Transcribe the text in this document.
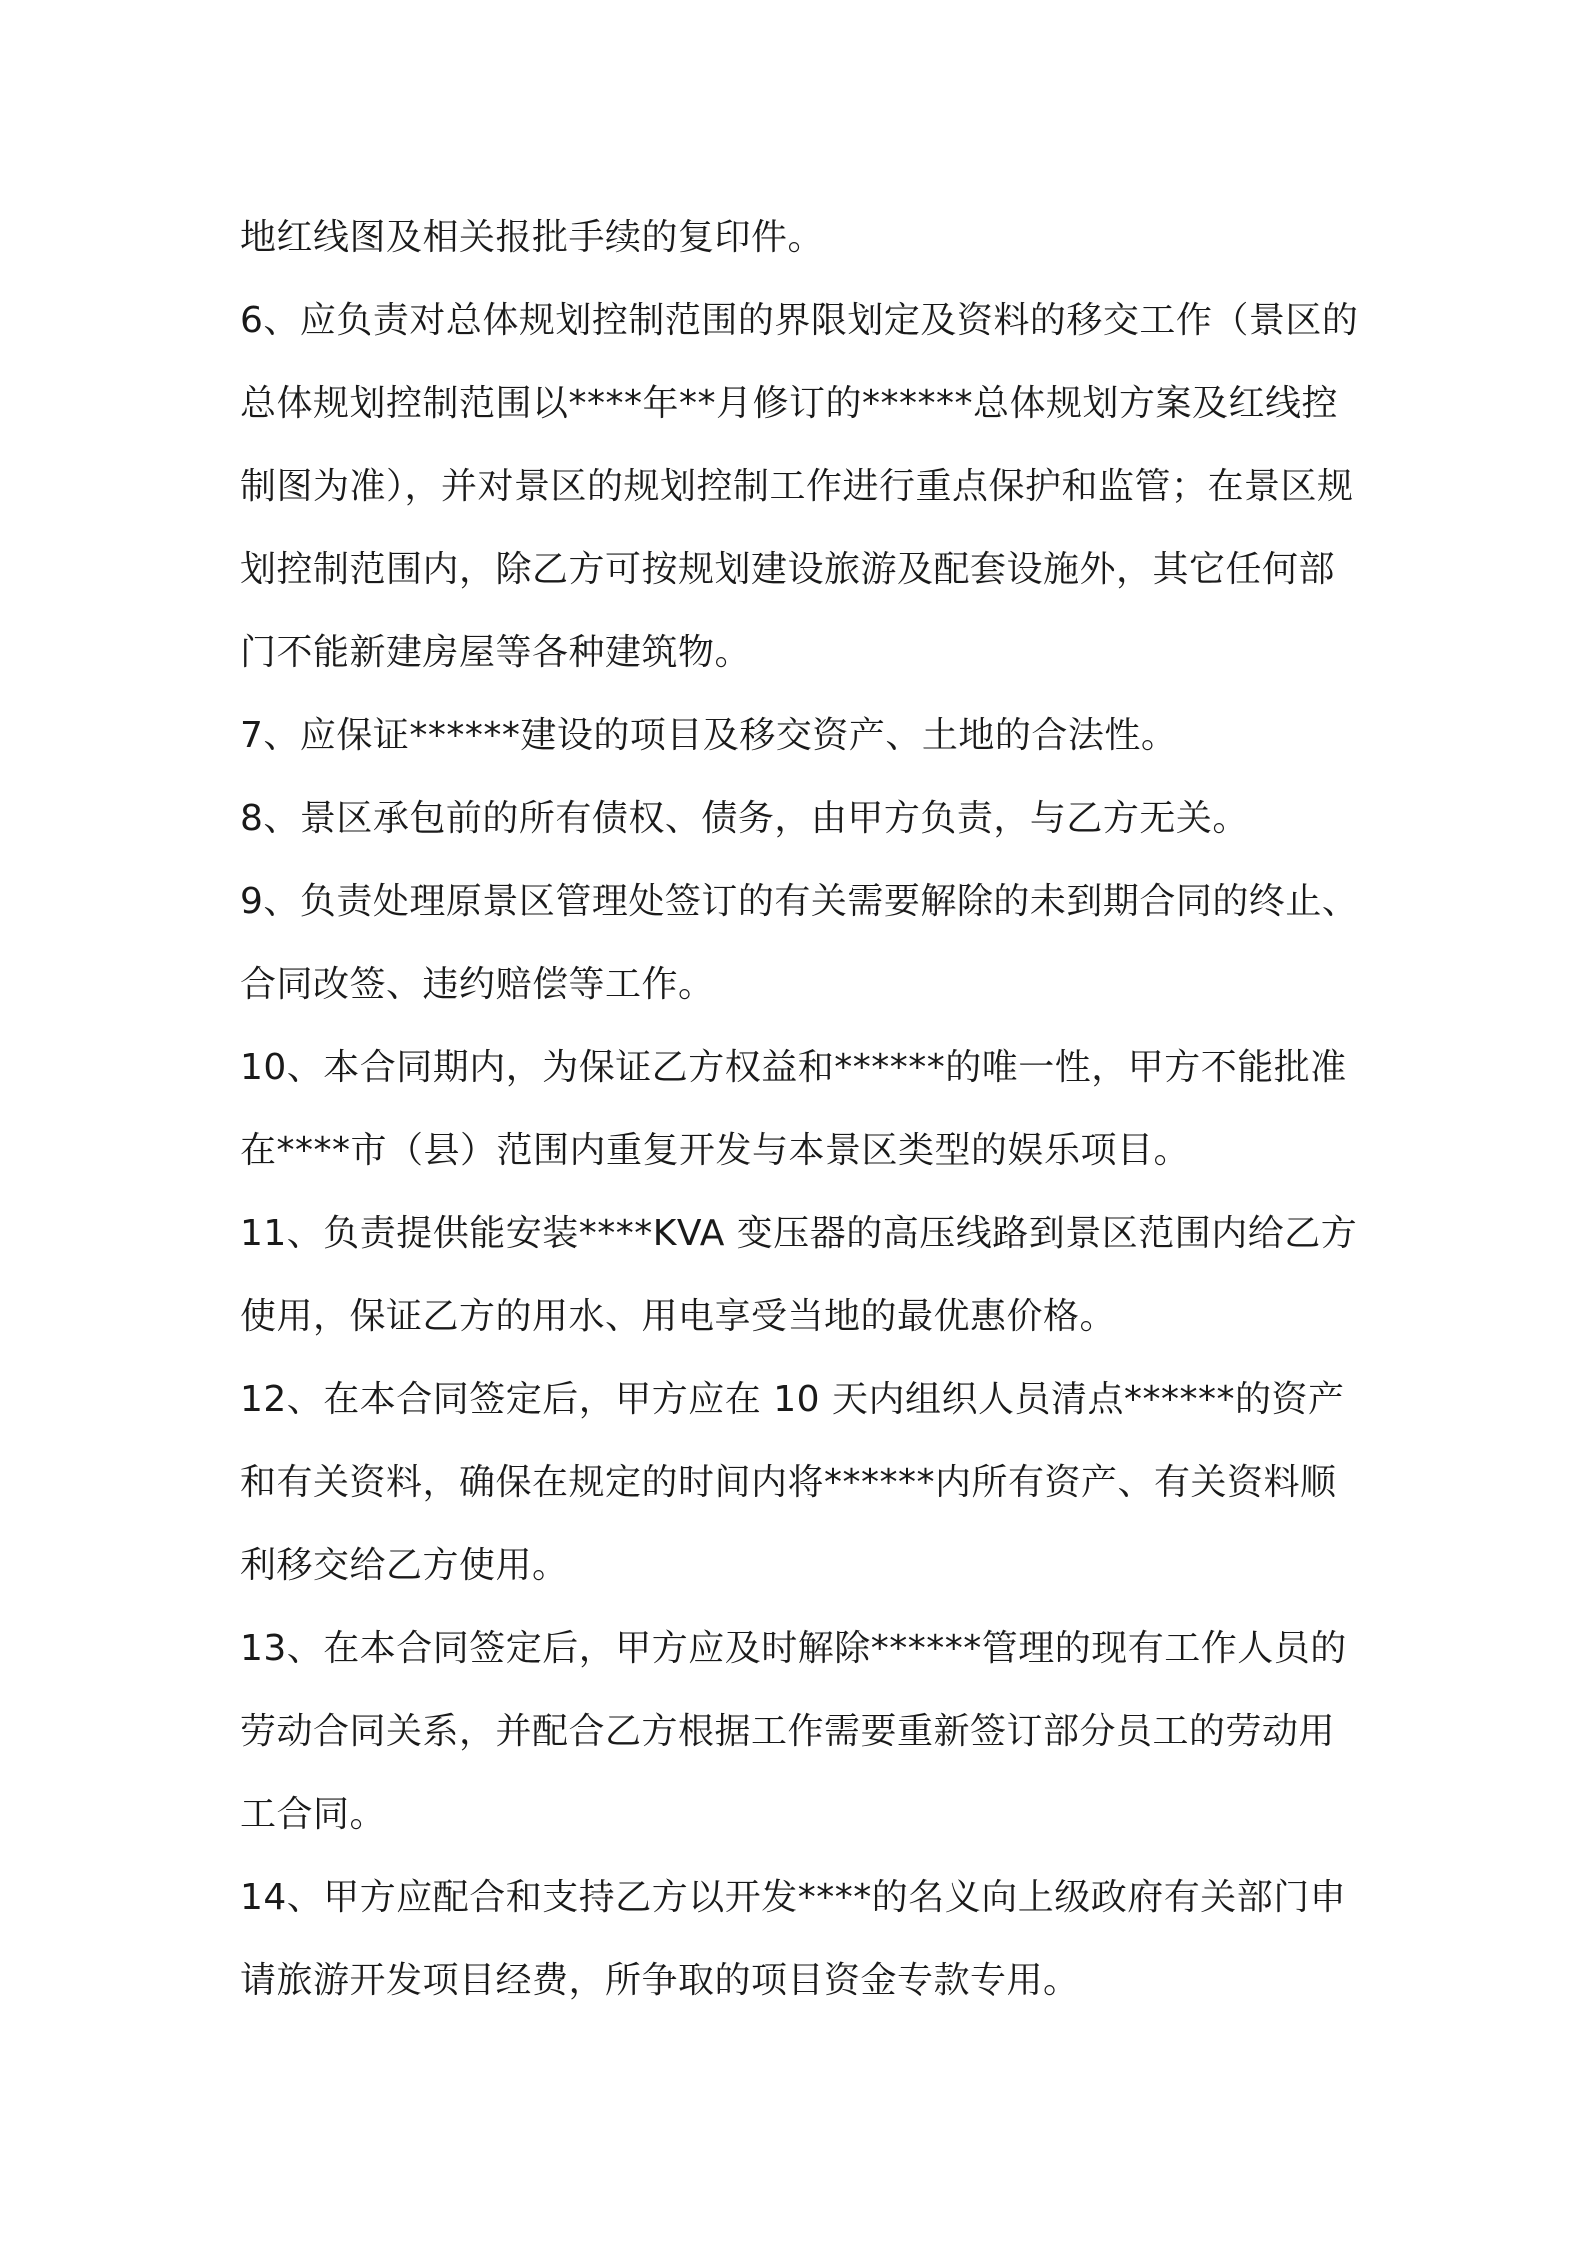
地红线图及相关报批手续的复印件。

6、应负责对总体规划控制范围的界限划定及资料的移交工作（景区的总体规划控制范围以****年**月修订的******总体规划方案及红线控制图为准），并对景区的规划控制工作进行重点保护和监管；在景区规划控制范围内，除乙方可按规划建设旅游及配套设施外，其它任何部门不能新建房屋等各种建筑物。

7、应保证******建设的项目及移交资产、土地的合法性。

8、景区承包前的所有债权、债务，由甲方负责，与乙方无关。

9、负责处理原景区管理处签订的有关需要解除的未到期合同的终止、合同改签、违约赔偿等工作。

10、本合同期内，为保证乙方权益和******的唯一性，甲方不能批准在****市（县）范围内重复开发与本景区类型的娱乐项目。

11、负责提供能安装****KVA 变压器的高压线路到景区范围内给乙方使用，保证乙方的用水、用电享受当地的最优惠价格。

12、在本合同签定后，甲方应在 10 天内组织人员清点******的资产和有关资料，确保在规定的时间内将******内所有资产、有关资料顺利移交给乙方使用。

13、在本合同签定后，甲方应及时解除******管理的现有工作人员的劳动合同关系，并配合乙方根据工作需要重新签订部分员工的劳动用工合同。

14、甲方应配合和支持乙方以开发****的名义向上级政府有关部门申请旅游开发项目经费，所争取的项目资金专款专用。
